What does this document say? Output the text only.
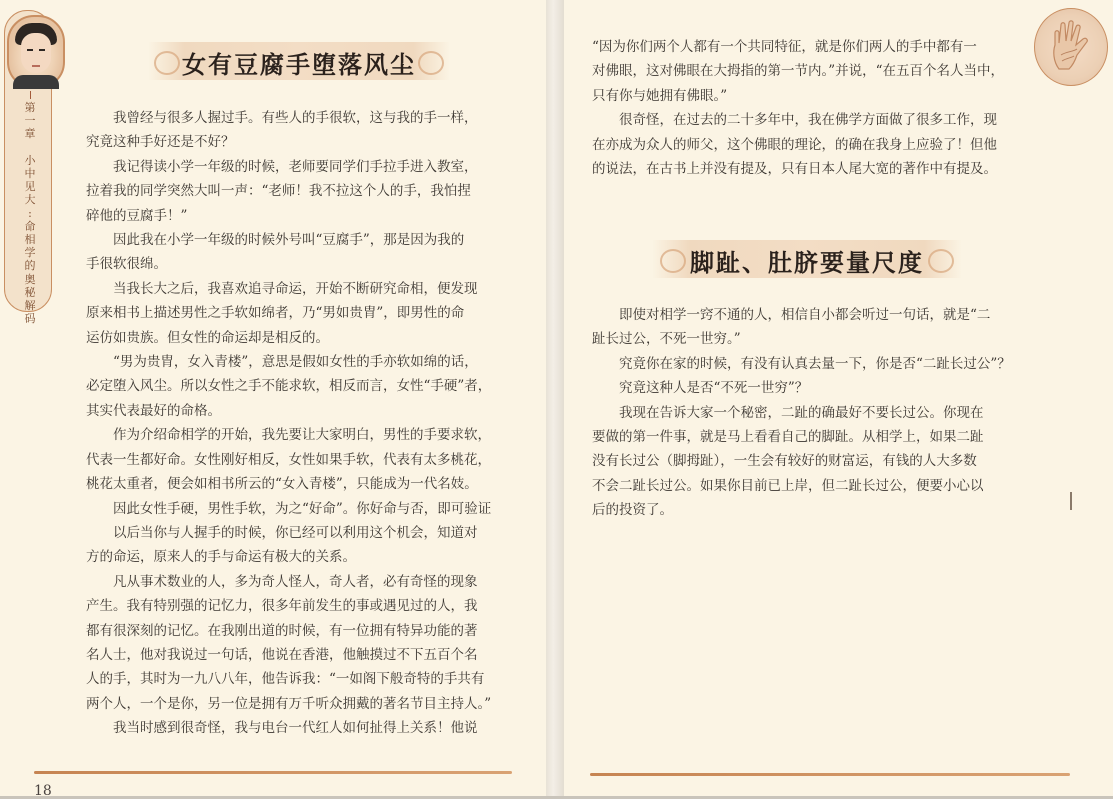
第
一
章

小
中
见
大
:
命
相
学
的
奥
秘
解
码
女有豆腐手堕落风尘
　　我曾经与很多人握过手。有些人的手很软，这与我的手一样，
究竟这种手好还是不好？
　　我记得读小学一年级的时候，老师要同学们手拉手进入教室，
拉着我的同学突然大叫一声：“老师！我不拉这个人的手，我怕捏
碎他的豆腐手！”
　　因此我在小学一年级的时候外号叫“豆腐手”，那是因为我的
手很软很绵。
　　当我长大之后，我喜欢追寻命运，开始不断研究命相，便发现
原来相书上描述男性之手软如绵者，乃“男如贵胄”，即男性的命
运仿如贵族。但女性的命运却是相反的。
　　“男为贵胄，女入青楼”，意思是假如女性的手亦软如绵的话，
必定堕入风尘。所以女性之手不能求软，相反而言，女性“手硬”者，
其实代表最好的命格。
　　作为介绍命相学的开始，我先要让大家明白，男性的手要求软，
代表一生都好命。女性刚好相反，女性如果手软，代表有太多桃花，
桃花太重者，便会如相书所云的“女入青楼”，只能成为一代名妓。
　　因此女性手硬，男性手软，为之“好命”。你好命与否，即可验证
　　以后当你与人握手的时候，你已经可以利用这个机会，知道对
方的命运，原来人的手与命运有极大的关系。
　　凡从事术数业的人，多为奇人怪人，奇人者，必有奇怪的现象
产生。我有特别强的记忆力，很多年前发生的事或遇见过的人，我
都有很深刻的记忆。在我刚出道的时候，有一位拥有特异功能的著
名人士，他对我说过一句话，他说在香港，他触摸过不下五百个名
人的手，其时为一九八八年，他告诉我：“一如阁下般奇特的手共有
两个人，一个是你，另一位是拥有万千听众拥戴的著名节目主持人。”
　　我当时感到很奇怪，我与电台一代红人如何扯得上关系！他说
18
“因为你们两个人都有一个共同特征，就是你们两人的手中都有一
对佛眼，这对佛眼在大拇指的第一节内。”并说，“在五百个名人当中，
只有你与她拥有佛眼。”
　　很奇怪，在过去的二十多年中，我在佛学方面做了很多工作，现
在亦成为众人的师父，这个佛眼的理论，的确在我身上应验了！但他
的说法，在古书上并没有提及，只有日本人尾大宽的著作中有提及。
脚趾、肚脐要量尺度
　　即使对相学一窍不通的人，相信自小都会听过一句话，就是“二
趾长过公，不死一世穷。”
　　究竟你在家的时候，有没有认真去量一下，你是否“二趾长过公”？
　　究竟这种人是否“不死一世穷”？
　　我现在告诉大家一个秘密，二趾的确最好不要长过公。你现在
要做的第一件事，就是马上看看自己的脚趾。从相学上，如果二趾
没有长过公（脚拇趾），一生会有较好的财富运，有钱的人大多数
不会二趾长过公。如果你目前已上岸，但二趾长过公，便要小心以
后的投资了。
